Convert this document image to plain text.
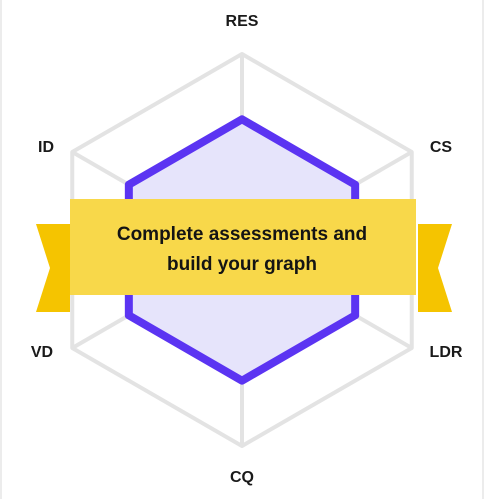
RES
CS
LDR
CQ
VD
ID
Complete assessments and
build your graph
